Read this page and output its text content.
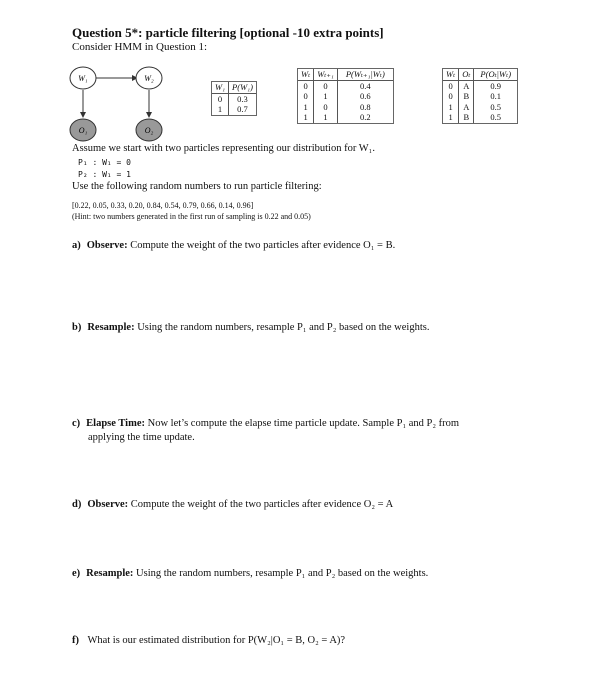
Question 5*: particle filtering [optional -10 extra points]
Consider HMM in Question 1:
W₁	W₂
O₁	O₂
W₁	P(W₁)
0	0.3
1	0.7
Wₜ	Wₜ₊₁	P(Wₜ₊₁|Wₜ)
0	0	0.4
0	1	0.6
1	0	0.8
1	1	0.2
Wₜ	Oₜ	P(Oₜ|Wₜ)
0	A	0.9
0	B	0.1
1	A	0.5
1	B	0.5
Assume we start with two particles representing our distribution for W₁.
P₁ : W₁ = 0
P₂ : W₁ = 1
Use the following random numbers to run particle filtering:
[0.22, 0.05, 0.33, 0.20, 0.84, 0.54, 0.79, 0.66, 0.14, 0.96]
(Hint: two numbers generated in the first run of sampling is 0.22 and 0.05)
a) Observe: Compute the weight of the two particles after evidence O₁ = B.
b) Resample: Using the random numbers, resample P₁ and P₂ based on the weights.
c) Elapse Time: Now let’s compute the elapse time particle update. Sample P₁ and P₂ from
applying the time update.
d) Observe: Compute the weight of the two particles after evidence O₂ = A
e) Resample: Using the random numbers, resample P₁ and P₂ based on the weights.
f) What is our estimated distribution for P(W₂|O₁ = B, O₂ = A)?
